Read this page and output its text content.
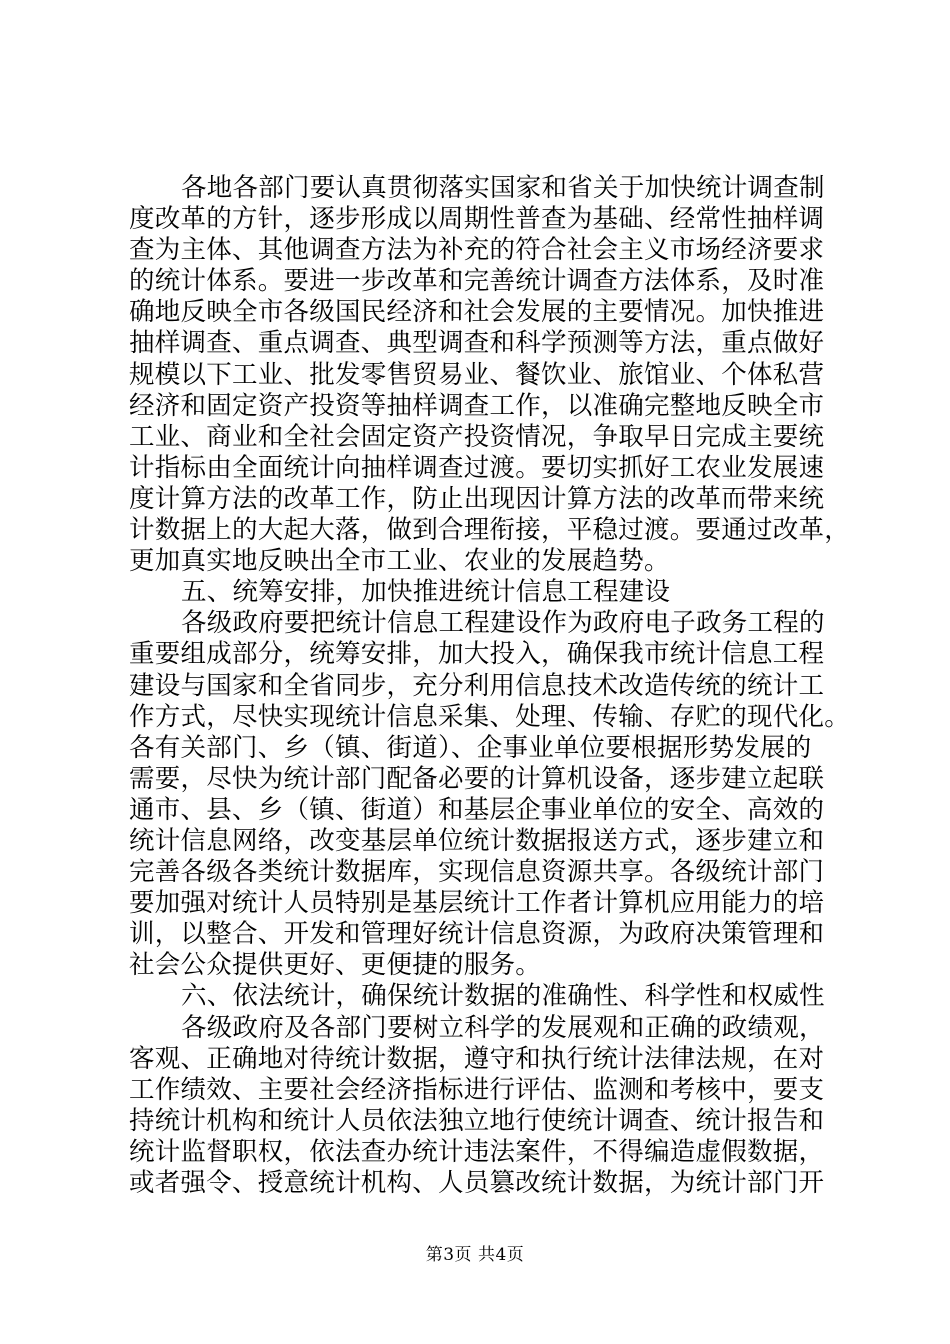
各地各部门要认真贯彻落实国家和省关于加快统计调查制
度改革的方针，逐步形成以周期性普查为基础、经常性抽样调
查为主体、其他调查方法为补充的符合社会主义市场经济要求
的统计体系。要进一步改革和完善统计调查方法体系，及时准
确地反映全市各级国民经济和社会发展的主要情况。加快推进
抽样调查、重点调查、典型调查和科学预测等方法，重点做好
规模以下工业、批发零售贸易业、餐饮业、旅馆业、个体私营
经济和固定资产投资等抽样调查工作，以准确完整地反映全市
工业、商业和全社会固定资产投资情况，争取早日完成主要统
计指标由全面统计向抽样调查过渡。要切实抓好工农业发展速
度计算方法的改革工作，防止出现因计算方法的改革而带来统
计数据上的大起大落，做到合理衔接，平稳过渡。要通过改革，
更加真实地反映出全市工业、农业的发展趋势。
五、统筹安排，加快推进统计信息工程建设
各级政府要把统计信息工程建设作为政府电子政务工程的
重要组成部分，统筹安排，加大投入，确保我市统计信息工程
建设与国家和全省同步，充分利用信息技术改造传统的统计工
作方式，尽快实现统计信息采集、处理、传输、存贮的现代化。
各有关部门、乡（镇、街道）、企事业单位要根据形势发展的
需要，尽快为统计部门配备必要的计算机设备，逐步建立起联
通市、县、乡（镇、街道）和基层企事业单位的安全、高效的
统计信息网络，改变基层单位统计数据报送方式，逐步建立和
完善各级各类统计数据库，实现信息资源共享。各级统计部门
要加强对统计人员特别是基层统计工作者计算机应用能力的培
训，以整合、开发和管理好统计信息资源，为政府决策管理和
社会公众提供更好、更便捷的服务。
六、依法统计，确保统计数据的准确性、科学性和权威性
各级政府及各部门要树立科学的发展观和正确的政绩观，
客观、正确地对待统计数据，遵守和执行统计法律法规，在对
工作绩效、主要社会经济指标进行评估、监测和考核中，要支
持统计机构和统计人员依法独立地行使统计调查、统计报告和
统计监督职权，依法查办统计违法案件，不得编造虚假数据，
或者强令、授意统计机构、人员篡改统计数据，为统计部门开
第3页 共4页
